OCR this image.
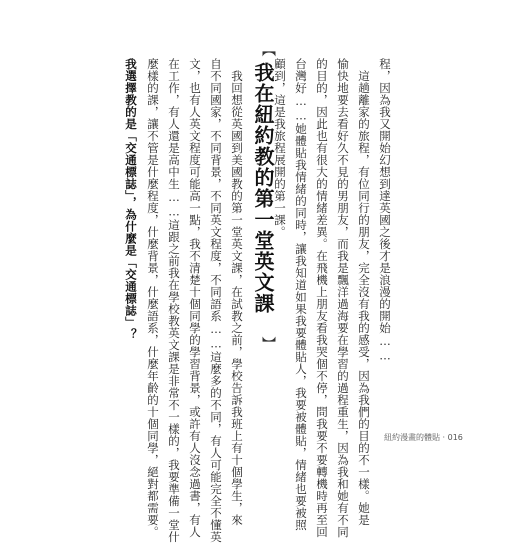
程，因為我又開始幻想到達英國之後才是浪漫的開始……
　這趟離家的旅程，有位同行的朋友，完全沒有我的感受，因為我們的目的不一樣。她是
愉快地要去看好久不見的男朋友，而我是飄洋過海要在學習的過程重生，因為我和她有不同
的目的，因此也有很大的情緒差異。在飛機上朋友看我哭個不停，問我要不要轉機時再至回
台灣好……她體貼我情緒的同時，讓我知道如果我要體貼人，我要被體貼，情緒也要被照
顧到，這是我旅程展開的第一課。
︻
我在紐約教的第一堂英文課
︼
　我回想從英國到美國教的第一堂英文課，在試教之前，學校告訴我班上有十個學生，來
自不同國家，不同背景，不同英文程度，不同語系……這麼多的不同，有人可能完全不懂英
文，也有人英文程度可能高一點，我不清楚十個同學的學習背景，或許有人沒念過書，有人
在工作，有人還是高中生……這跟之前我在學校教英文課是非常不一樣的，我要準備一堂什
麼樣的課，讓不管是什麼程度，什麼背景，什麼語系，什麼年齡的十個同學，絕對都需要。
我選擇教的是「交通標誌」，為什麼是「交通標誌」？
紐約漫畫的體貼 · 016
